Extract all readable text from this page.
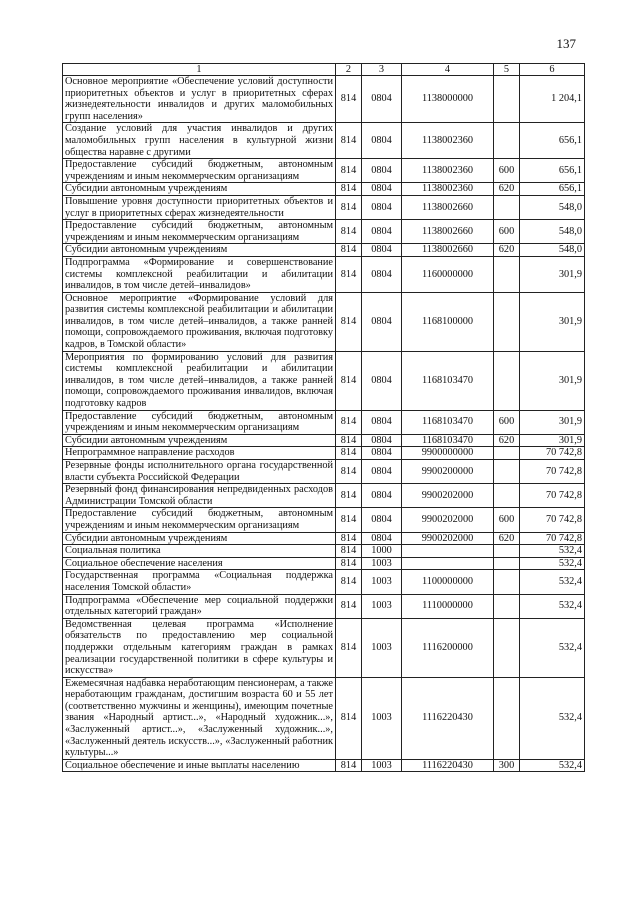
137
1	2	3	4	5	6
Основное мероприятие «Обеспечение условий доступности приоритетных объектов и услуг в приоритетных сферах жизнедеятельности инвалидов и других маломобильных групп населения»	814	0804	1138000000		1 204,1
Создание условий для участия инвалидов и других маломобильных групп населения в культурной жизни общества наравне с другими	814	0804	1138002360		656,1
Предоставление субсидий бюджетным, автономным учреждениям и иным некоммерческим организациям	814	0804	1138002360	600	656,1
Субсидии автономным учреждениям	814	0804	1138002360	620	656,1
Повышение уровня доступности приоритетных объектов и услуг в приоритетных сферах жизнедеятельности	814	0804	1138002660		548,0
Предоставление субсидий бюджетным, автономным учреждениям и иным некоммерческим организациям	814	0804	1138002660	600	548,0
Субсидии автономным учреждениям	814	0804	1138002660	620	548,0
Подпрограмма «Формирование и совершенствование системы комплексной реабилитации и абилитации инвалидов, в том числе детей–инвалидов»	814	0804	1160000000		301,9
Основное мероприятие «Формирование условий для развития системы комплексной реабилитации и абилитации инвалидов, в том числе детей–инвалидов, а также ранней помощи, сопровождаемого проживания, включая подготовку кадров, в Томской области»	814	0804	1168100000		301,9
Мероприятия по формированию условий для развития системы комплексной реабилитации и абилитации инвалидов, в том числе детей–инвалидов, а также ранней помощи, сопровождаемого проживания инвалидов, включая подготовку кадров	814	0804	1168103470		301,9
Предоставление субсидий бюджетным, автономным учреждениям и иным некоммерческим организациям	814	0804	1168103470	600	301,9
Субсидии автономным учреждениям	814	0804	1168103470	620	301,9
Непрограммное направление расходов	814	0804	9900000000		70 742,8
Резервные фонды исполнительного органа государственной власти субъекта Российской Федерации	814	0804	9900200000		70 742,8
Резервный фонд финансирования непредвиденных расходов Администрации Томской области	814	0804	9900202000		70 742,8
Предоставление субсидий бюджетным, автономным учреждениям и иным некоммерческим организациям	814	0804	9900202000	600	70 742,8
Субсидии автономным учреждениям	814	0804	9900202000	620	70 742,8
Социальная политика	814	1000			532,4
Социальное обеспечение населения	814	1003			532,4
Государственная программа «Социальная поддержка населения Томской области»	814	1003	1100000000		532,4
Подпрограмма «Обеспечение мер социальной поддержки отдельных категорий граждан»	814	1003	1110000000		532,4
Ведомственная целевая программа «Исполнение обязательств по предоставлению мер социальной поддержки отдельным категориям граждан в рамках реализации государственной политики в сфере культуры и искусства»	814	1003	1116200000		532,4
Ежемесячная надбавка неработающим пенсионерам, а также неработающим гражданам, достигшим возраста 60 и 55 лет (соответственно мужчины и женщины), имеющим почетные звания «Народный артист...», «Народный художник...», «Заслуженный артист...», «Заслуженный художник...», «Заслуженный деятель искусств...», «Заслуженный работник культуры...»	814	1003	1116220430		532,4
Социальное обеспечение и иные выплаты населению	814	1003	1116220430	300	532,4
